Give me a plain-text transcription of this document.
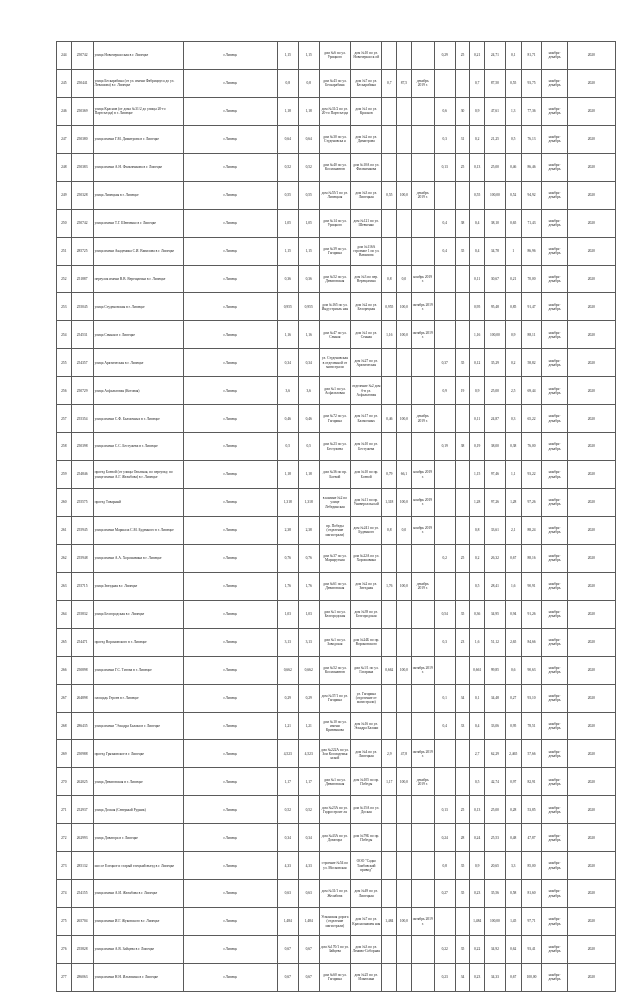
244	250742	улица Новочеркасская в г. Липецке	г.Липецк	1,15	1,15	дом №6 по ул. Урицкого	дом №10 по ул. Новочеркасск ой				0,29	25	0,21	24,71	0,1	81,71	ноябрь-декабрь	2020
245	250441	улица Бескарабина (от ул. имени Фабрициуса до ул. Левашова) в г. Липецке	г.Липецк	0,8	0,8	дом №43 по ул. Бескарабина	дом №7 по ул. Бескарабина	0,7	87,5	декабрь 2019 г.			0,7	87,50	0,55	93,75	ноябрь-декабрь	2020
246	250369	улица Краснов (от дома №31/2 до улицы 20-го Партсъезда) в г. Липецке	г.Липецк	1,18	1,18	дом №31/2 по ул. 20-го Партсъезда	дом №1 по ул. Краснов				0,6	30	0,9	47,61	1,3	77,36	ноябрь-декабрь	2020
247	250380	улица имени Г.М. Димитрова в г. Липецке	г.Липецк	0,64	0,64	дом №30 по ул. Студеновска я	дом №2 по ул. Димитрова				0,3	31	0,2	21,25	0,5	76,13	ноябрь-декабрь	2020
248	250383	улица имени А.Н. Фильченкова в г. Липецке	г.Липецк	0,52	0,52	дом №40 по ул. Космонавтов	дом №10А по ул. Фильченкова				0,13	25	0,13	25,00	0,46	86,46	ноябрь-декабрь	2020
249	250328	улица Липецкая в г. Липецке	г.Липецк	0,55	0,55	дом №55/1 по ул. Липецкая	дом №3 по ул. Липецкая	0,55	100,0	декабрь 2019 г.			0,55	100,00	0,52	94,92	ноябрь-декабрь	2020
250	250742	улица имени Т.Г. Шевченко в г. Липецке	г.Липецк	1,05	1,05	дом №14 по ул. Урицкого	дом №121 по ул. Шевченко				0,4	38	0,4	38,10	0,65	71,43	ноябрь-декабрь	2020
251	285725	улица имени Академика С.И. Вавилова в г. Липецке	г.Липецк	1,15	1,15	дом №39 по ул. Гагарина	дом №116А строение 1 по ул. Вавилова				0,4	35	0,4	34,78	1	86,96	ноябрь-декабрь	2020
252	251887	переулок имени В.В. Верещагина в г. Липецке	г.Липецк	0,36	0,36	дом №52 по ул. Девятовская	дом №3 по пер. Верещагина	0,8	0,0	ноябрь 2019 г.			0,11	30,67	0,21	70,00	ноябрь-декабрь	2020
253	255045	улица Студеновская в г. Липецке	г.Липецк	0,955	0,955	дом №165 по ул. Индустриаль ная	дом №2 по ул. Белорецкая	0,955	100,0	октябрь 2019 г.			0,95	95,48	0,85	91,47	ноябрь-декабрь	2020
254	254531	улица Сенная в г. Липецке	г.Липецк	1,16	1,16	дом №47 по ул. Сенная	дом №1 по ул. Сенная	1,16	100,0	октябрь 2019 г.			1,16	100,00	0,9	88,11	ноябрь-декабрь	2020
255	254357	улица Арктическая в г. Липецке	г.Липецк	0,34	0,34	ул. Студеновская в отделенной от магистрали	дом №27 по ул. Арктическая				0,37	35	0,12	35,29	0,2	58,82	ноябрь-декабрь	2020
256	250729	улица Асфальтовая (Котовая)	г.Липецк	3,6	3,6	дом №1 по ул. Асфальтовая	отделение №2 дом б-в ул. Асфальтовая				0,9	19	0,9	25,00	2,5	69,44	ноябрь-декабрь	2020
257	255354	улица имени С.Ф. Балмочных в г. Липецке	г.Липецк	0,46	0,46	дом №72 по ул. Гагарина	дом №17 по ул. Балмочных	0,46	100,0	декабрь 2019 г.			0,11	24,87	0,3	65,22	ноябрь-декабрь	2020
258	250398	улица имени С.С. Бестужева в г. Липецке	г.Липецк	0,5	0,5	дом №23 по ул. Бестужева	дом №10 по ул. Бестужева				0,19	38	0,19	38,00	0,38	76,00	ноябрь-декабрь	2020
259	254846	проезд Боевой (от улицы Опытная, по переулку, по улице имени А.Г. Желябова) в г. Липецке	г.Липецк	1,18	1,18	дом №36 по пр. Боевой	дом №10 по пр. Боевой	0,79	66,1	ноябрь 2019 г.			1,15	97,46	1,1	93,22	ноябрь-декабрь	2020
260	255575	проезд Товарный	г.Липецк	1,318	1,318	в камине №2 по улице Лебединская	дом №11 по пр. Универсальн ый	1,318	100,0	ноябрь 2019 г.			1,28	97,26	1,28	97,26	ноябрь-декабрь	2020
261	255945	улица имени Маршала С.М. Буденного в г. Липецке	г.Липецк	2,38	2,38	пр. Победы (отделение магистрали)	дом №241 по ул. Буденного	0,8	0,0	ноябрь 2019 г.			0,8	33,61	2,1	88,24	ноябрь-декабрь	2020
262	255948	улица имени А.А. Хорошавина в г. Липецке	г.Липецк	0,76	0,76	дом №37 по ул. Маршрутная	дом №22А по ул. Хорошавина				0,2	25	0,2	26,32	0,67	88,16	ноябрь-декабрь	2020
263	255715	улица Звездная в г. Липецке	г.Липецк	1,76	1,76	дом №61 по ул. Девятовская	дом №2 по ул. Звездная	1,76	100,0	декабрь 2019 г.			0,5	28,41	1,6	90,91	ноябрь-декабрь	2020
264	255832	улица Белгородская в г. Липецке	г.Липецк	1,03	1,03	дом №1 по ул. Белгородская	дом №39 по ул. Белгородская				0,54	35	0,36	34,95	0,94	91,26	ноябрь-декабрь	2020
265	254471	проезд Вороновского в г. Липецке	г.Липецк	3,13	3,13	дом №1 по ул. Заводская	дом №24Б по пр. Вороновского				0,3	23	1,6	51,12	2,65	84,66	ноябрь-декабрь	2020
266	250898	улица имени Г.С. Титова в г. Липецке	г.Липецк	0,662	0,662	дом №52 по ул. Космонавтов	дом №1/1 по ул. Гагарина	0,662	100,0	октябрь 2019 г.			0,661	99,85	0,6	90,63	ноябрь-декабрь	2020
267	264898	площадь Героев в г. Липецке	г.Липецк	0,29	0,29	дом №37/1 по ул. Гагарина	ул. Гагарина (отделение от магистрали)				0,1	34	0,1	34,48	0,27	93,10	ноябрь-декабрь	2020
268	286435	улица имени "Эскадра Балаки в г. Липецке	г.Липецк	1,21	1,21	дом №10 по ул. имени Кривенкова	дом №16 по ул. Эскадра Балаки				0,4	33	0,4	33,06	0,95	78,51	ноябрь-декабрь	2020
269	250988	проезд Грязновское в г. Липецке	г.Липецк	4,523	4,523	дом №222А по ул. Зои Космодемья нской	дом №4 по ул. Липецкая	2,9	47,8	октябрь 2019 г.			2,7	62,29	2,465	57,66	ноябрь-декабрь	2020
270	262025	улица Девятовская в г. Липецке	г.Липецк	1,17	1,17	дом №1 по ул. Девятовская	дом №105 по пр. Победы	1,17	100,0	декабрь 2019 г.			0,5	42,74	0,97	82,91	ноябрь-декабрь	2020
271	252937	улица Доская (Северный Рудник)	г.Липецк	0,52	0,52	дом №23А по ул. Гидростроит ля	дом №15А по ул. Доская				0,13	25	0,13	25,00	0,28	53,85	ноябрь-декабрь	2020
272	262993	улица Доватора в г. Липецке	г.Липецк	0,34	0,34	дом №43А по ул. Доватора	дом №79Б по пр. Победы				0,24	28	0,24	25,53	0,48	47,87	ноябрь-декабрь	2020
273	285132	шоссе Елецкое и старый елецкий въезд в г. Липецке	г.Липецк	4,33	4,33	строение №54 по ул. Московская	ООО "Садко Тамбовский привод"				0,8	35	0,9	20,65	3,3	85,00	ноябрь-декабрь	2020
274	254155	улица имени А.И. Желябова в г. Липецке	г.Липецк	0,63	0,63	дом №31/1 по ул. Желябова	дом №49 по ул. Липецкая				0,27	35	0,23	35,56	0,58	81,60	ноябрь-декабрь	2020
275	265704	улица имени И.Г. Жуковского в г. Липецке	г.Липецк	1,484	1,484	Усманская дорога (отделение магистрали)	дом №7 по ул. Краснознамен ная	1,484	100,0	октябрь 2019 г.			1,484	100,00	1,45	97,71	ноябрь-декабрь	2020
276	255828	улица имени А.В. Зайцева в г. Липецке	г.Липецк	0,67	0,67	дом №170/1 по ул. Зайцева	дом №3 по ул. Лениво-Соборная				0,22	35	0,22	34,92	0,62	93,41	ноябрь-декабрь	2020
277	286063	улица имени Н.Н. Ильюхина в г. Липецке	г.Липецк	0,67	0,67	дом №60 по ул. Гагарина	дом №25 по ул. Ильюхина				0,23	34	0,23	34,33	0,67	100,00	ноябрь-декабрь	2020
